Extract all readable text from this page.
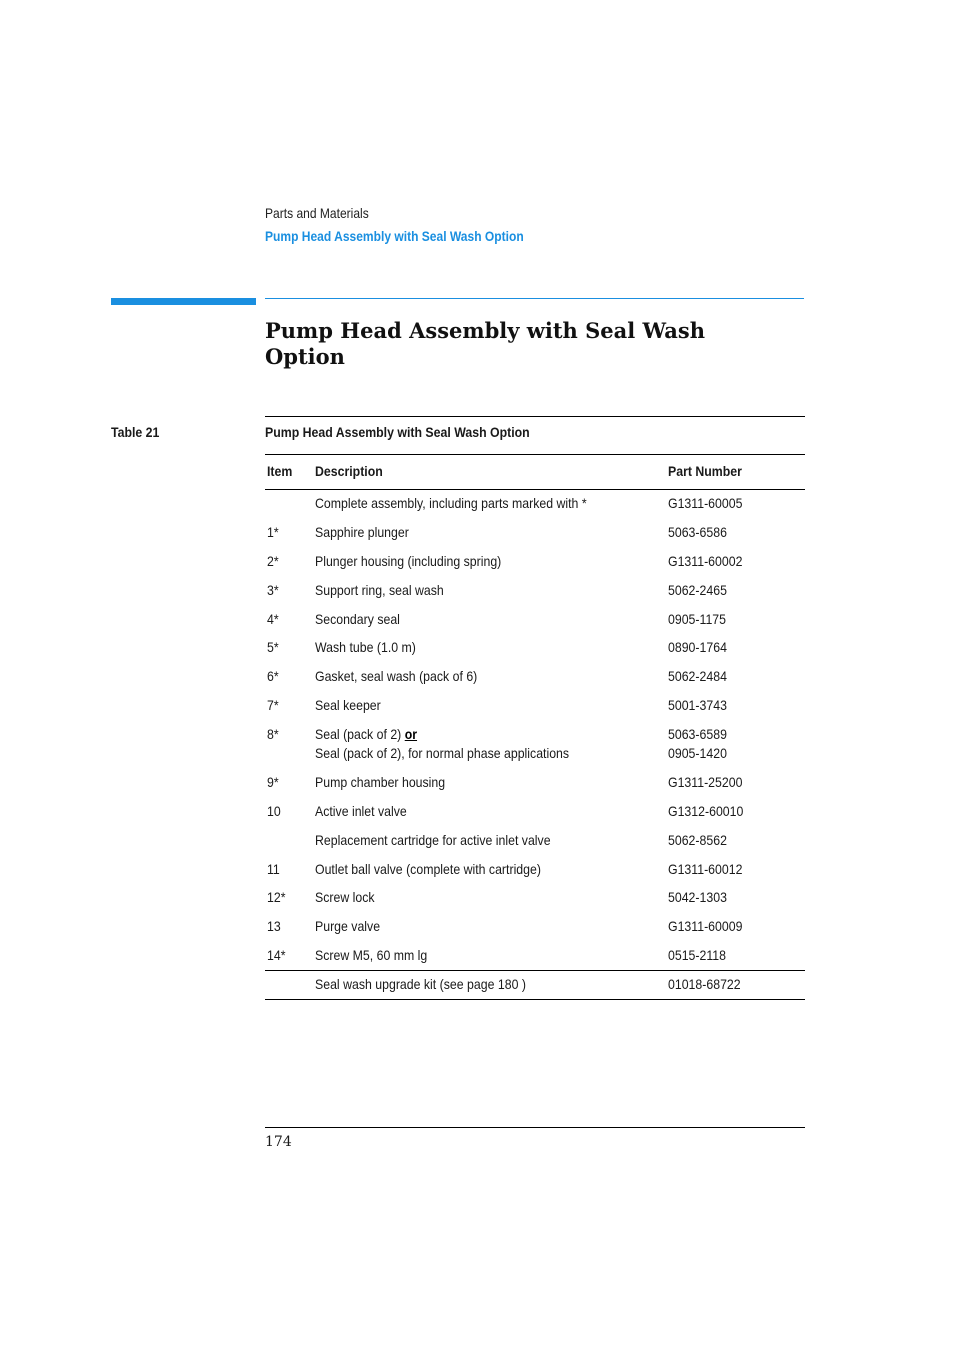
Parts and Materials
Pump Head Assembly with Seal Wash Option
Pump Head Assembly with Seal Wash Option
Table 21	Pump Head Assembly with Seal Wash Option
Item Description	Part Number
Complete assembly, including parts marked with *	G1311-60005
1*	Sapphire plunger	5063-6586
2*	Plunger housing (including spring)	G1311-60002
3*	Support ring, seal wash	5062-2465
4*	Secondary seal	0905-1175
5*	Wash tube (1.0 m)	0890-1764
6*	Gasket, seal wash (pack of 6)	5062-2484
7*	Seal keeper	5001-3743
8*	Seal (pack of 2) or	5063-6589
Seal (pack of 2), for normal phase applications	0905-1420
9*	Pump chamber housing	G1311-25200
10 Active inlet valve	G1312-60010
Replacement cartridge for active inlet valve	5062-8562
11	Outlet ball valve (complete with cartridge)	G1311-60012
12* Screw lock	5042-1303
13 Purge valve	G1311-60009
14* Screw M5, 60 mm lg	0515-2118
Seal wash upgrade kit (see page 180 )	01018-68722
174
